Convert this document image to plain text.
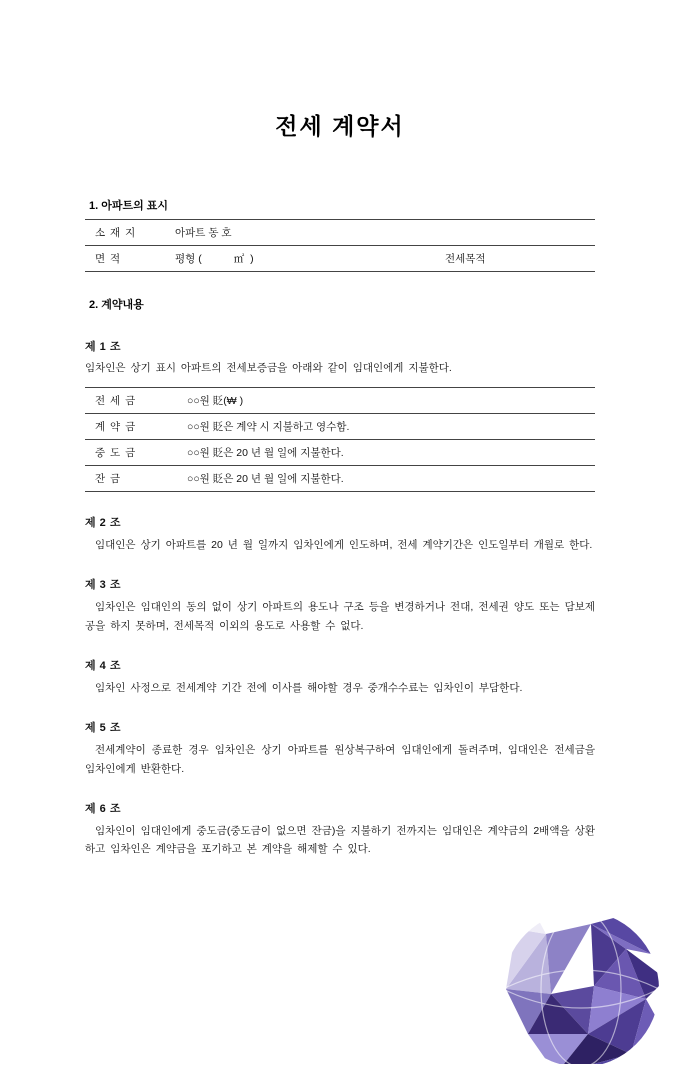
전세 계약서
1. 아파트의 표시
소 재 지	아파트 동 호	
면 적	평형 (           ㎡  )	전세목적
2. 계약내용
제 1 조

임차인은 상기 표시 아파트의 전세보증금을 아래와 같이 임대인에게 지불한다.

전 세 금	○○원 貶(₩ )
계 약 금	○○원 貶은 계약 시 지불하고 영수함.
중 도 금	○○원 貶은 20 년 월 일에 지불한다.
잔 금	○○원 貶은 20 년 월 일에 지불한다.
제 2 조

임대인은 상기 아파트를 20 년 월 일까지 임차인에게 인도하며, 전세 계약기간은 인도일부터 개월로 한다.

제 3 조

임차인은 임대인의 동의 없이 상기 아파트의 용도나 구조 등을 변경하거나 전대, 전세권 양도 또는 담보제공을 하지 못하며, 전세목적 이외의 용도로 사용할 수 없다.

제 4 조

임차인 사정으로 전세계약 기간 전에 이사를 해야할 경우 중개수수료는 임차인이 부담한다.

제 5 조

전세계약이 종료한 경우 임차인은 상기 아파트를 원상복구하여 임대인에게 돌려주며, 임대인은 전세금을 임차인에게 반환한다.

제 6 조

임차인이 임대인에게 중도금(중도금이 없으면 잔금)을 지불하기 전까지는 임대인은 계약금의 2배액을 상환하고 임차인은 계약금을 포기하고 본 계약을 해제할 수 있다.
